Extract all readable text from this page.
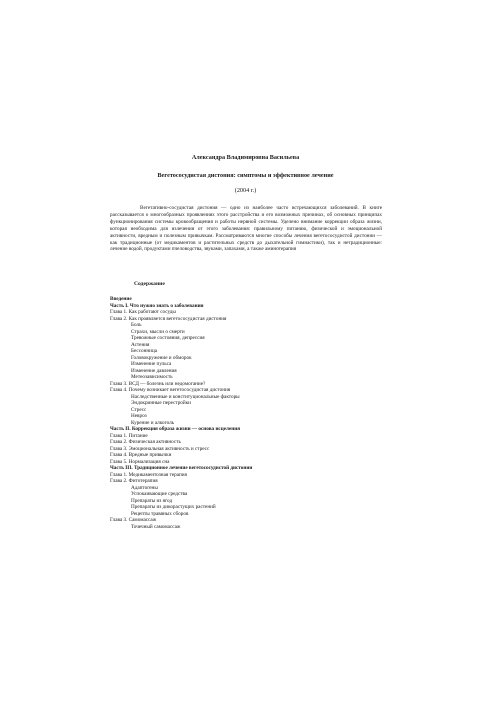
Александра Владимировна Васильева
Вегетососудистая дистония: симптомы и эффективное лечение
(2004 г.)

Вегетативно-сосудистая дистония — одно из наиболее часто встречающихся заболеваний. В книге рассказывается о многообразных проявлениях этого расстройства и его возможных причинах, об основных принципах функционирования системы кровообращения и работы нервной системы. Уделено внимание коррекции образа жизни, которая необходима для излечения от этого заболевания: правильному питанию, физической и эмоциональной активности, вредным и полезным привычкам. Рассматриваются многие способы лечения вегетососудистой дистонии — как традиционные (от медикаментов и растительных средств до дыхательной гимнастики), так и нетрадиционные: лечение водой, продуктами пчеловодства, звуками, запахами, а также аминотерапия

Содержание
Введение
Часть I. Что нужно знать о заболевании
Глава 1. Как работают сосуды
Глава 2. Как проявляется вегетососудистая дистония
Боль
Страхи, мысли о смерти
Тревожные состояния, депрессия
Астения
Бессонница
Головокружение и обморок
Изменение пульса
Изменение давления
Метеозависимость
Глава 3. ВСД — болезнь или недомогание?
Глава 4. Почему возникает вегетососудистая дистония
Наследственные и конституциональные факторы
Эндокринные перестройки
Стресс
Невроз
Курение и алкоголь
Часть II. Коррекция образа жизни — основа исцеления
Глава 1. Питание
Глава 2. Физическая активность
Глава 3. Эмоциональная активность и стресс
Глава 4. Вредные привычки
Глава 5. Нормализация сна
Часть III. Традиционное лечение вегетососудистой дистонии
Глава 1. Медикаментозная терапия
Глава 2. Фитотерапия
Адаптогены
Успокаивающие средства
Препараты из ягод
Препараты из дикорастущих растений
Рецепты травяных сборов
Глава 3. Самомассаж
Точечный самомассаж
